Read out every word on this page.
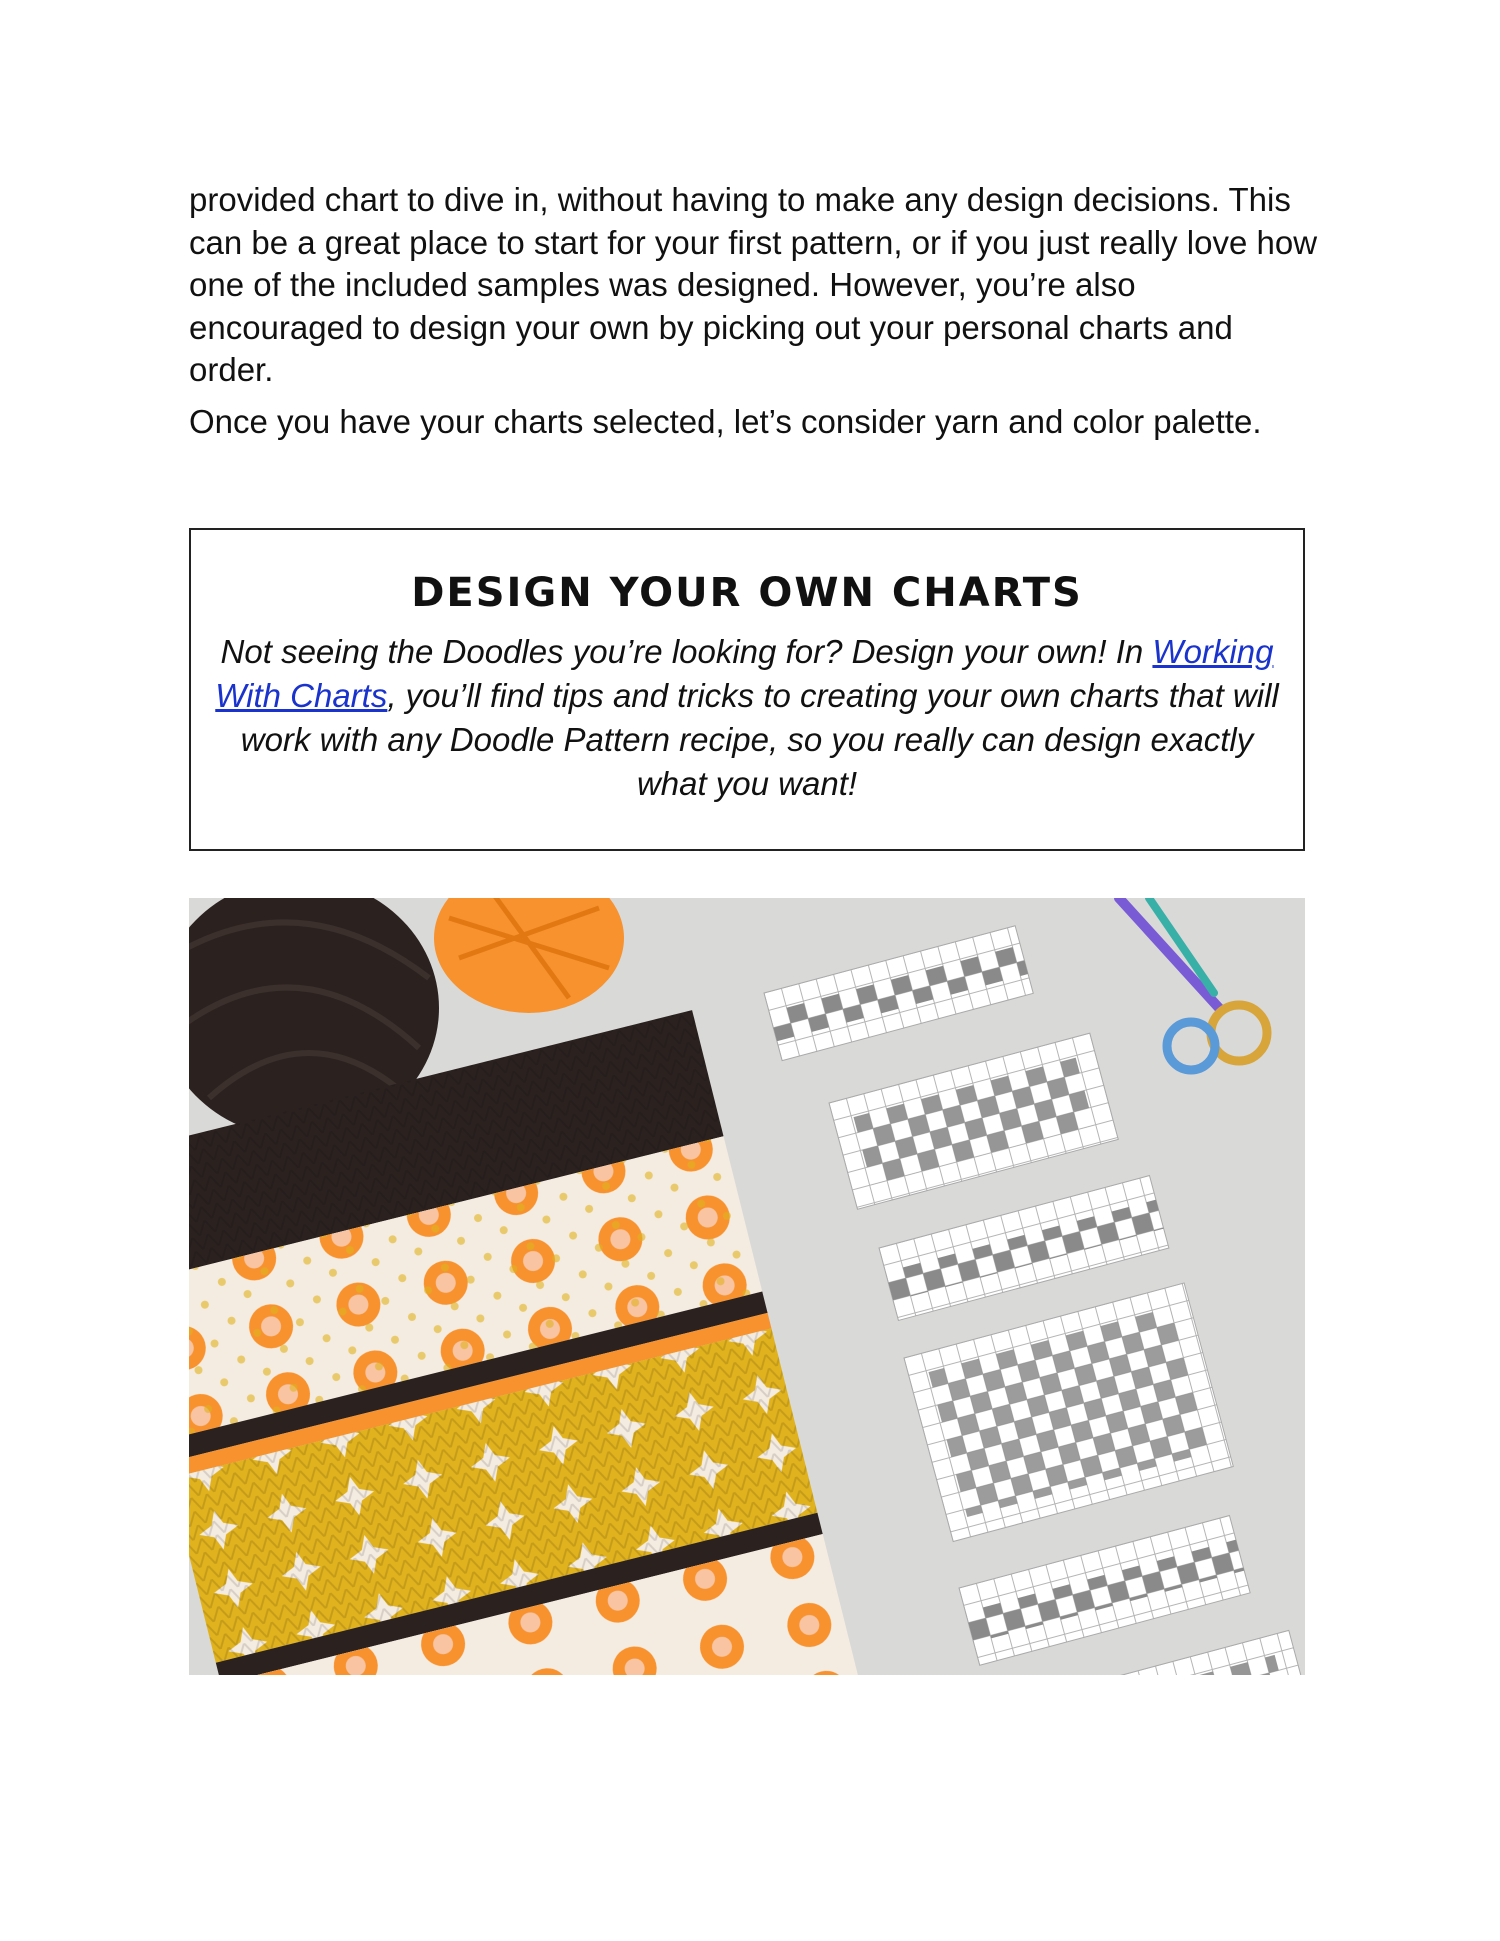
provided chart to dive in, without having to make any design decisions. This can be a great place to start for your first pattern, or if you just really love how one of the included samples was designed. However, you’re also encouraged to design your own by picking out your personal charts and order.

Once you have your charts selected, let’s consider yarn and color palette.

DESIGN YOUR OWN CHARTS

Not seeing the Doodles you’re looking for? Design your own! In Working With Charts, you’ll find tips and tricks to creating your own charts that will work with any Doodle Pattern recipe, so you really can design exactly what you want!
